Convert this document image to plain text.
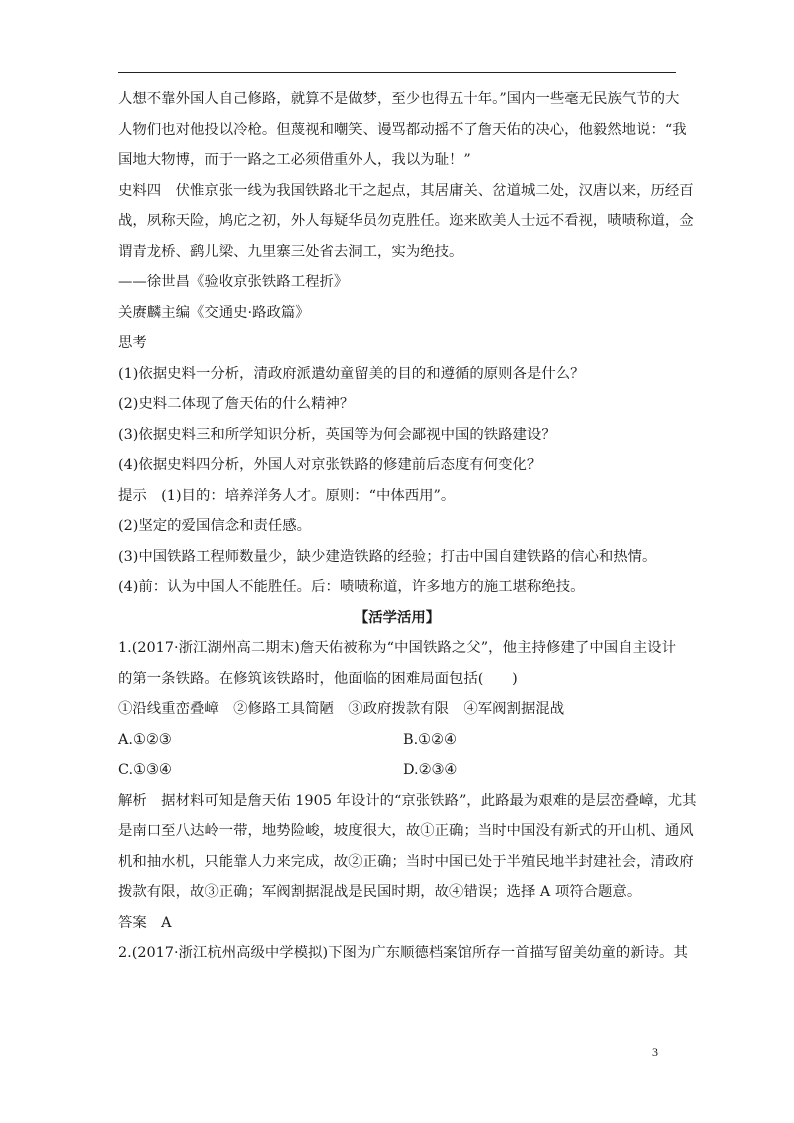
人想不靠外国人自己修路，就算不是做梦，至少也得五十年。”国内一些毫无民族气节的大
人物们也对他投以冷枪。但蔑视和嘲笑、谩骂都动摇不了詹天佑的决心，他毅然地说：“我
国地大物博，而于一路之工必须借重外人，我以为耻！”
史料四　伏惟京张一线为我国铁路北干之起点，其居庸关、岔道城二处，汉唐以来，历经百
战，夙称天险，鸠庀之初，外人每疑华员勿克胜任。迩来欧美人士远不看视，啧啧称道，佥
谓青龙桥、鹞儿梁、九里寨三处省去洞工，实为绝技。
——徐世昌《验收京张铁路工程折》
关赓麟主编《交通史·路政篇》
思考
(1)依据史料一分析，清政府派遣幼童留美的目的和遵循的原则各是什么？
(2)史料二体现了詹天佑的什么精神？
(3)依据史料三和所学知识分析，英国等为何会鄙视中国的铁路建设？
(4)依据史料四分析，外国人对京张铁路的修建前后态度有何变化？
提示　(1)目的：培养洋务人才。原则：“中体西用”。
(2)坚定的爱国信念和责任感。
(3)中国铁路工程师数量少，缺少建造铁路的经验；打击中国自建铁路的信心和热情。
(4)前：认为中国人不能胜任。后：啧啧称道，许多地方的施工堪称绝技。
【活学活用】
1.(2017·浙江湖州高二期末)詹天佑被称为“中国铁路之父”，他主持修建了中国自主设计
的第一条铁路。在修筑该铁路时，他面临的困难局面包括(　　)
①沿线重峦叠嶂　②修路工具简陋　③政府拨款有限　④军阀割据混战
A.①②③	B.①②④
C.①③④	D.②③④
解析　据材料可知是詹天佑 1905 年设计的“京张铁路”，此路最为艰难的是层峦叠嶂，尤其
是南口至八达岭一带，地势险峻，坡度很大，故①正确；当时中国没有新式的开山机、通风
机和抽水机，只能靠人力来完成，故②正确；当时中国已处于半殖民地半封建社会，清政府
拨款有限，故③正确；军阀割据混战是民国时期，故④错误；选择 A 项符合题意。
答案　A
2.(2017·浙江杭州高级中学模拟)下图为广东顺德档案馆所存一首描写留美幼童的新诗。其
3
